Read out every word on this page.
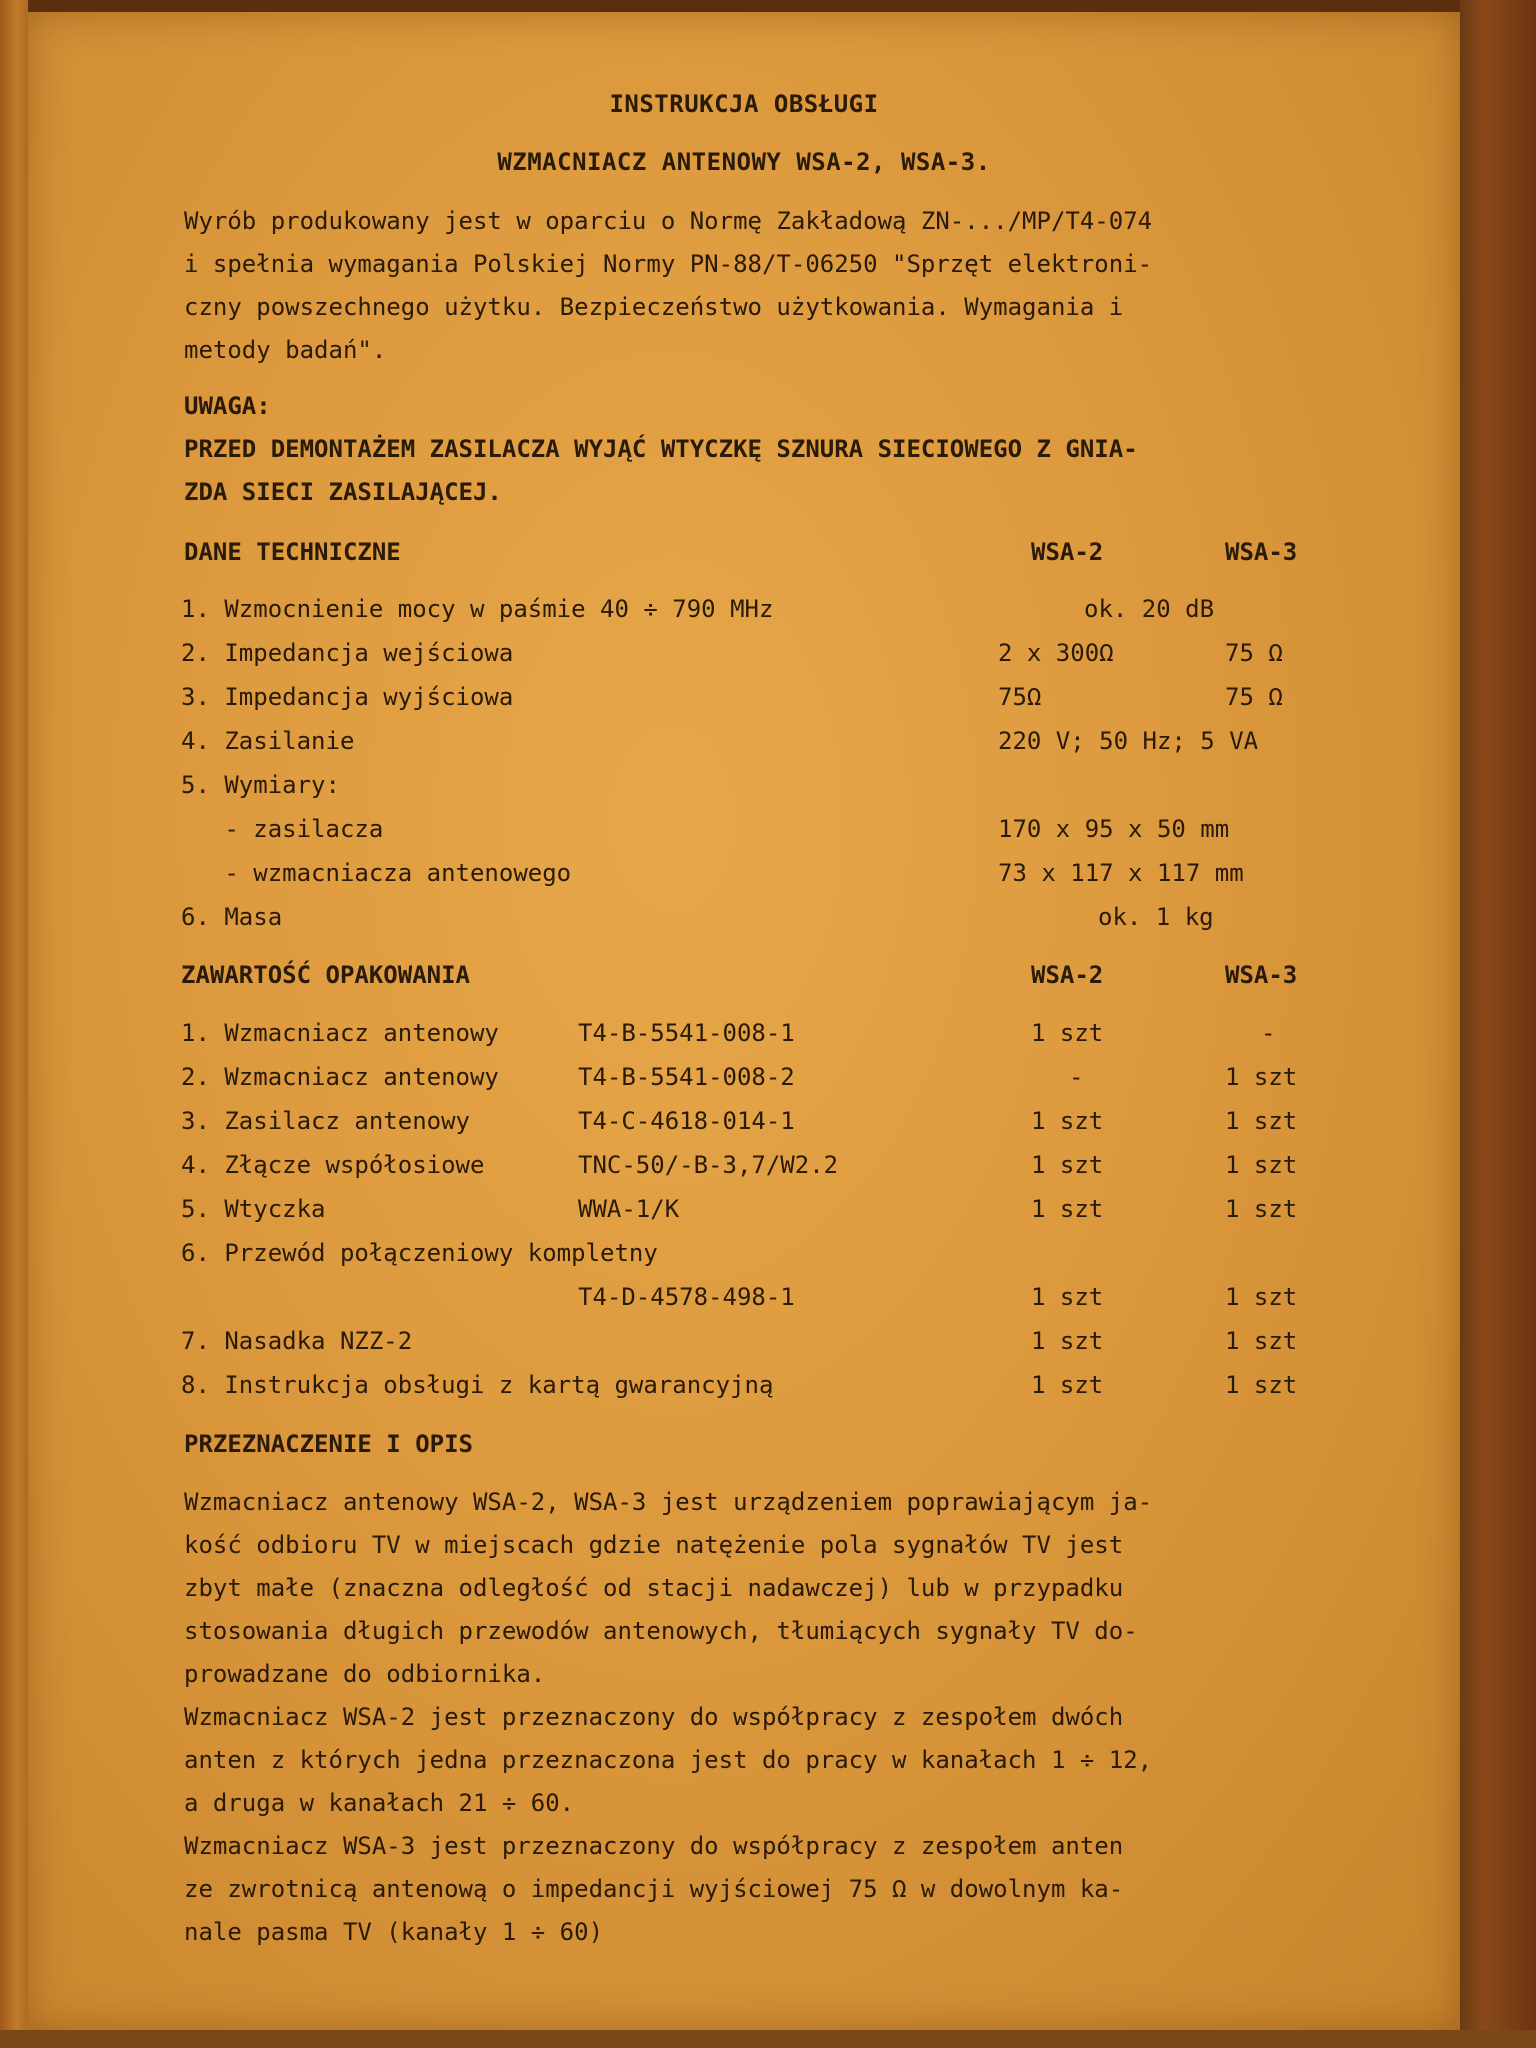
INSTRUKCJA OBSŁUGI
WZMACNIACZ ANTENOWY WSA-2, WSA-3.
Wyrób produkowany jest w oparciu o Normę Zakładową ZN-.../MP/T4-074
i spełnia wymagania Polskiej Normy PN-88/T-06250 "Sprzęt elektroni-
czny powszechnego użytku. Bezpieczeństwo użytkowania. Wymagania i
metody badań".
UWAGA:
PRZED DEMONTAŻEM ZASILACZA WYJĄĆ WTYCZKĘ SZNURA SIECIOWEGO Z GNIA-
ZDA SIECI ZASILAJĄCEJ.
DANE TECHNICZNE	WSA-2	WSA-3
1. Wzmocnienie mocy w paśmie 40 ÷ 790 MHz	ok. 20 dB
2. Impedancja wejściowa	2 x 300Ω	75 Ω
3. Impedancja wyjściowa	75Ω	75 Ω
4. Zasilanie	220 V; 50 Hz; 5 VA
5. Wymiary:
- zasilacza	170 x 95 x 50 mm
- wzmacniacza antenowego	73 x 117 x 117 mm
6. Masa	ok. 1 kg
ZAWARTOŚĆ OPAKOWANIA	WSA-2	WSA-3
1. Wzmacniacz antenowy	T4-B-5541-008-1	1 szt	-
2. Wzmacniacz antenowy	T4-B-5541-008-2	-	1 szt
3. Zasilacz antenowy	T4-C-4618-014-1	1 szt	1 szt
4. Złącze współosiowe	TNC-50/-B-3,7/W2.2	1 szt	1 szt
5. Wtyczka	WWA-1/K	1 szt	1 szt
6. Przewód połączeniowy kompletny
T4-D-4578-498-1	1 szt	1 szt
7. Nasadka NZZ-2	1 szt	1 szt
8. Instrukcja obsługi z kartą gwarancyjną	1 szt	1 szt
PRZEZNACZENIE I OPIS
Wzmacniacz antenowy WSA-2, WSA-3 jest urządzeniem poprawiającym ja-
kość odbioru TV w miejscach gdzie natężenie pola sygnałów TV jest
zbyt małe (znaczna odległość od stacji nadawczej) lub w przypadku
stosowania długich przewodów antenowych, tłumiących sygnały TV do-
prowadzane do odbiornika.
Wzmacniacz WSA-2 jest przeznaczony do współpracy z zespołem dwóch
anten z których jedna przeznaczona jest do pracy w kanałach 1 ÷ 12,
a druga w kanałach 21 ÷ 60.
Wzmacniacz WSA-3 jest przeznaczony do współpracy z zespołem anten
ze zwrotnicą antenową o impedancji wyjściowej 75 Ω w dowolnym ka-
nale pasma TV (kanały 1 ÷ 60)
